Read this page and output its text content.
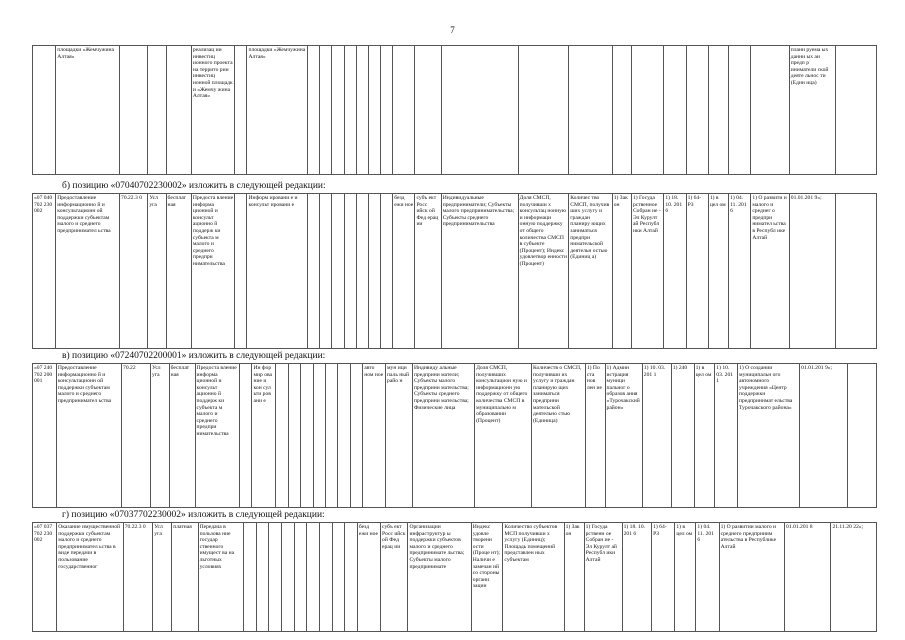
7
	площадки «Жемчужина Алтая»				реализац ии инвестиц ионного проекта на террито рии инвестиц ионной площадк и «Жемчу жина Алтая»		площадки «Жемчужина Алтая»																				плани руема ых данни ых ан предп р иниматели ской деяте льнос ти (Един ица)	
б) позицию «07040702230002» изложить в следующей редакции:
«07 040 702 230 002	Предоставление информационно й и консультационн ой поддержки субъектам малого и среднего предпринимател ьства	70.22.3 0	Усл уга	бесплат ная	Предоста вление информа ционной и консульт ационно й поддерж ки субъекта м малого и среднего предпри нимательства		Информ ировани е и консульт ировани е								безд ежи ное	субъ ект Росс ийск ой Фед ерац ии	Индивидуальные предприниматели; Субъекты малого предпринимательства; Субъекты среднего предпринимательства	Доля СМСП, получивши х консультац ионную и информаци онную поддержку от общего количества СМСП в субъекте (Процент); Индекс удовлетвор енности (Процент)	Количес тво СМСП, получив ших услугу и граждан планиру ющих заниматься предпри нимательской деятельн остью (Единиц а)	1) Зак он	1) Госуда рственное Собран ие - Эл Курулт ай Республ ики Алтай	1) 18. 10. 201 6	1) 64- РЗ	1) в цел ом	1) 04. 11. 201 6	1) О развити и малого и среднег о предпри нимател ьства в Республ ике Алтай	01.01.201 9»;	
в) позицию «07240702200001» изложить в следующей редакции:
«07 240 702 200 001	Предоставление информационно й и консультационн ой поддержки субъектам малого и среднего предпринимател ьства	70.22	Усл уга	бесплат ная	Предоста вление информа ционной и консульт ационно й поддерж ки субъекта м малого и среднего предпри нимательства		Ин фор мир ова ние и кон сул ьти ров ани е								авто ном ное	мун ици паль ный райо н	Индивиду альные предприни матели; Субъекты малого предприни мательства; Субъекты среднего предприни мательства; Физические лица	Доля СМСП, получивших консультацион ную и информационн ую поддержку от общего количества СМСП в муниципально м образовании (Процент)	Количеств о СМСП, получивши их услугу и граждан планирую щих заниматься предприни мательской деятельно стью (Единица)	1) По ста нов лен ие	1) Админ истрация муници пальног о образов ания «Турочакский район»	1) 10. 03. 201 1	1) 240	1) в цел ом	1) 10. 03. 201 1	1) О создании муниципальн ого автономного учреждения «Центр поддержки предпринимат ельства Турочакского района»	01.01.201 9»;	
г) позицию «07037702230002» изложить в следующей редакции:
«07 037 702 230 002	Оказание имущественной поддержки субъектам малого и среднего предпринимател ьства в виде передачи в пользование государственног	70.22.3 0	Усл уга	платная	Передача в пользова ние государ ственного имущест ва на льготных условиях										безд ежи ное	субъ ект Росс ийск ой Фед ерац ии	Организации инфраструктур ы поддержки субъектов малого и среднего предпринимате льства; Субъекты малого предпринимате	Индекс удовле творенн ости (Проце нт); Наличи е замечан ий со стороны органи зации	Количество субъектов МСП получивши х услугу (Единиц); Площадь помещений представлен ных субъектам	1) Зак он	1) Госуда рственн ое Собран ие - Эл Курулт ай Республ ики Алтай	1) 18. 10. 201 6	1) 64- РЗ	1) в цел ом	1) 04. 11. 201 6	1) О развитии малого и среднего предприним ательства в Республике Алтай	01.01.201 8	21.11.20 22»;
